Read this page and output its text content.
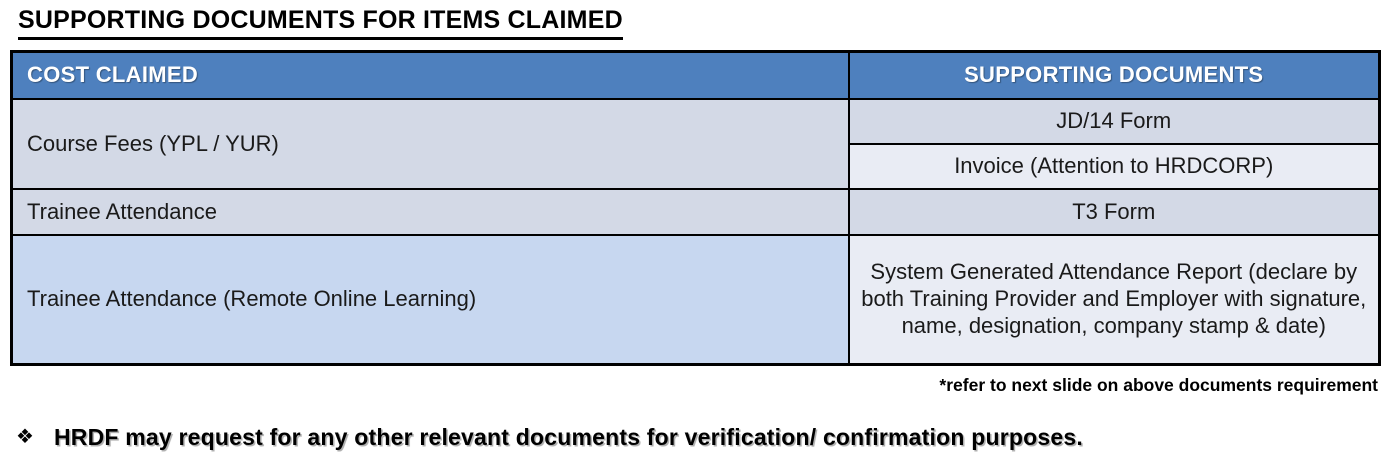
SUPPORTING DOCUMENTS FOR ITEMS CLAIMED
COST CLAIMED	SUPPORTING DOCUMENTS
Course Fees (YPL / YUR)	JD/14 Form
	Invoice (Attention to HRDCORP)
Trainee Attendance	T3 Form
Trainee Attendance (Remote Online Learning)	System Generated Attendance Report (declare by both Training Provider and Employer with signature, name, designation, company stamp & date)
*refer to next slide on above documents requirement
❖ HRDF may request for any other relevant documents for verification/ confirmation purposes.
